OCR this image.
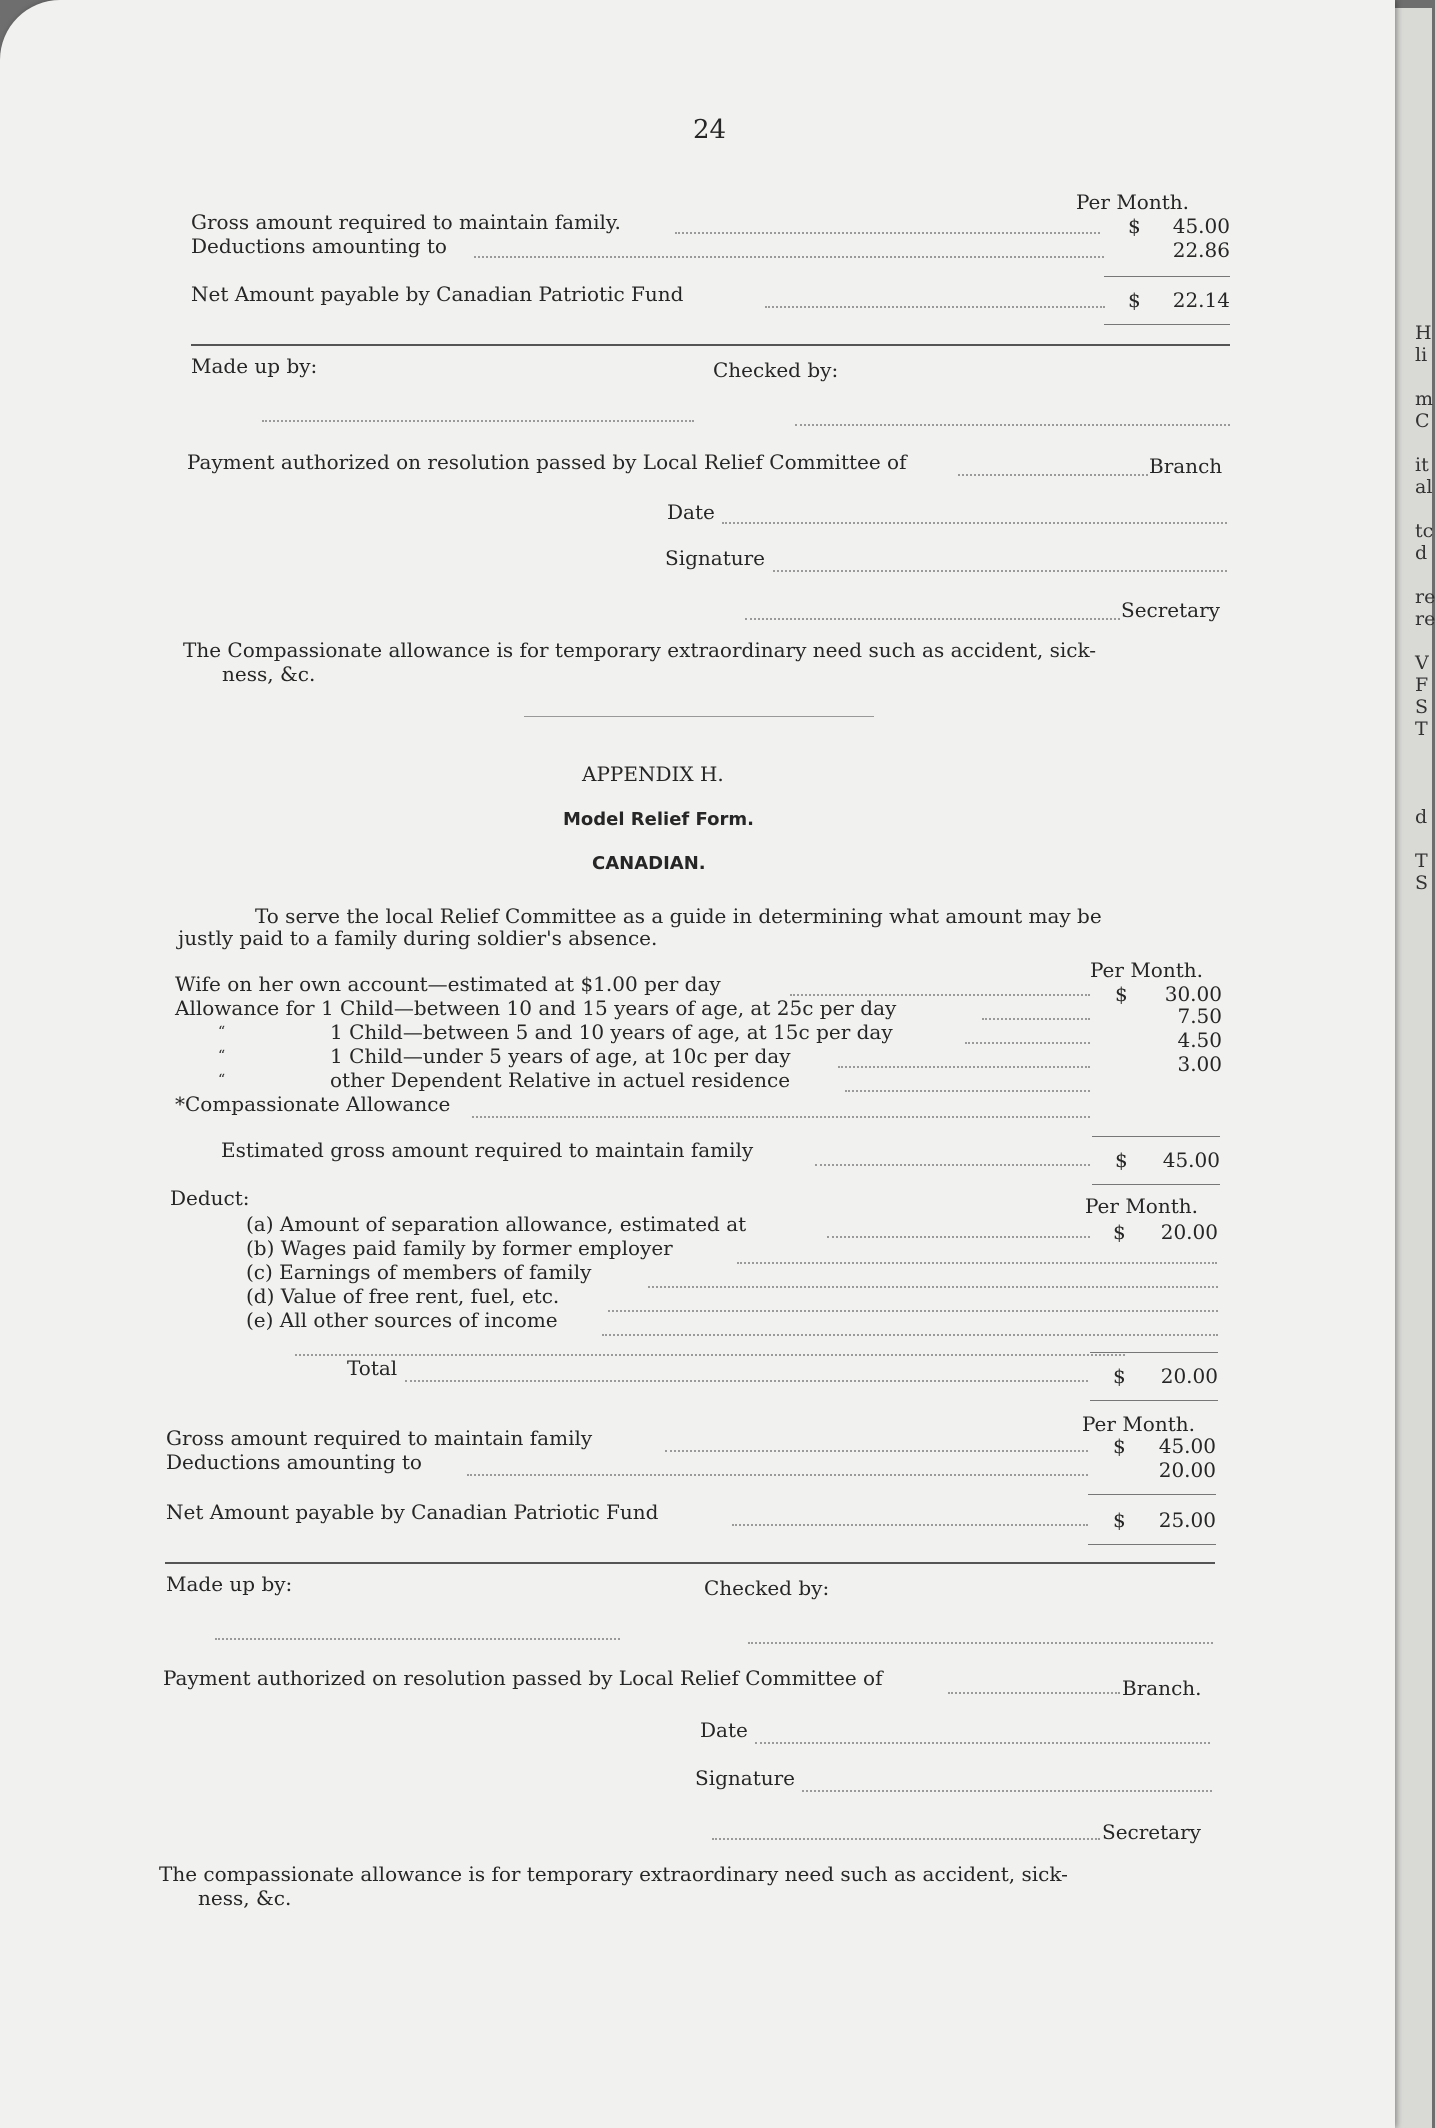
H
li

m
C

it
al

tc
d

re
re

V
F
S
T

d

T
S
24
Per Month.
Gross amount required to maintain family.	$	45.00
Deductions amounting to	22.86
Net Amount payable by Canadian Patriotic Fund	$	22.14
Made up by:	Checked by:
Payment authorized on resolution passed by Local Relief Committee of	Branch
Date
Signature
Secretary
The Compassionate allowance is for temporary extraordinary need such as accident, sick-
ness, &c.
APPENDIX H.
Model Relief Form.
CANADIAN.
To serve the local Relief Committee as a guide in determining what amount may be
justly paid to a family during soldier's absence.
Per Month.
Wife on her own account—estimated at $1.00 per day	$	30.00
Allowance for 1 Child—between 10 and 15 years of age, at 25c per day	7.50
“	1 Child—between 5 and 10 years of age, at 15c per day	4.50
“	1 Child—under 5 years of age, at 10c per day	3.00
“	other Dependent Relative in actuel residence
*Compassionate Allowance
Estimated gross amount required to maintain family	$	45.00
Deduct:	Per Month.
(a) Amount of separation allowance, estimated at	$	20.00
(b) Wages paid family by former employer
(c) Earnings of members of family
(d) Value of free rent, fuel, etc.
(e) All other sources of income
Total	$	20.00
Per Month.
Gross amount required to maintain family	$	45.00
Deductions amounting to	20.00
Net Amount payable by Canadian Patriotic Fund	$	25.00
Made up by:	Checked by:
Payment authorized on resolution passed by Local Relief Committee of	Branch.
Date
Signature
Secretary
The compassionate allowance is for temporary extraordinary need such as accident, sick-
ness, &c.
